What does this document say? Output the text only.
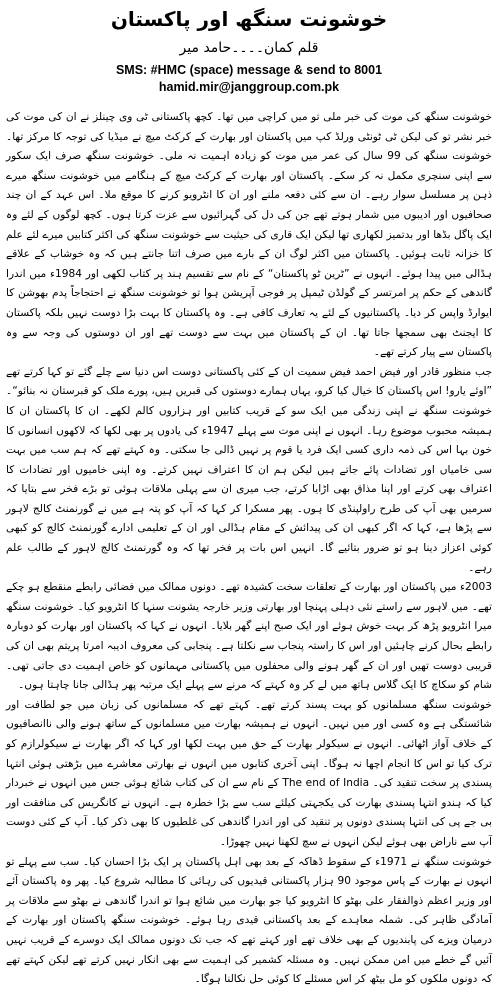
خوشونت سنگھ اور پاکستان
قلم کمان۔۔۔۔حامد میر
SMS: #HMC (space) message & send to 8001
hamid.mir@janggroup.com.pk

خوشونت سنگھ کی موت کی خبر ملی تو میں کراچی میں تھا۔ کچھ پاکستانی ٹی وی چینلز نے ان کی موت کی خبر نشر تو کی لیکن ٹی ٹونٹی ورلڈ کپ میں پاکستان اور بھارت کے کرکٹ میچ نے میڈیا کی توجہ کا مرکز تھا۔ خوشونت سنگھ کی 99 سال کی عمر میں موت کو زیادہ اہمیت نہ ملی۔ خوشونت سنگھ صرف ایک سکور سے اپنی سنچری مکمل نہ کر سکے۔ پاکستان اور بھارت کے کرکٹ میچ کے ہنگامے میں خوشونت سنگھ میرے ذہن پر مسلسل سوار رہے۔ ان سے کئی دفعہ ملنے اور ان کا انٹرویو کرنے کا موقع ملا۔ اس عہد کے ان چند صحافیوں اور ادیبوں میں شمار ہوتے تھے جن کی دل کی گہرائیوں سے عزت کرتا ہوں۔ کچھ لوگوں کے لئے وہ ایک پاگل بڈھا اور بدتمیز لکھاری تھا لیکن ایک قاری کی حیثیت سے خوشونت سنگھ کی اکثر کتابیں میرے لئے علم کا خزانہ ثابت ہوئیں۔ پاکستان میں اکثر لوگ ان کے بارے میں صرف اتنا جانتے ہیں کہ وہ خوشاب کے علاقے ہڈالی میں پیدا ہوئے۔ انہوں نے ”ٹرین ٹو پاکستان“ کے نام سے تقسیم ہند پر کتاب لکھی اور 1984ء میں اندرا گاندھی کے حکم پر امرتسر کے گولڈن ٹیمپل پر فوجی آپریشن ہوا تو خوشونت سنگھ نے احتجاجاً پدم بھوشن کا ایوارڈ واپس کر دیا۔ پاکستانیوں کے لئے یہ تعارف کافی ہے۔ وہ پاکستان کا بہت بڑا دوست نہیں بلکہ پاکستان کا ایجنٹ بھی سمجھا جاتا تھا۔ ان کے پاکستان میں بہت سے دوست تھے اور ان دوستوں کی وجہ سے وہ پاکستان سے پیار کرتے تھے۔

جب منظور قادر اور فیض احمد فیض سمیت ان کے کئی پاکستانی دوست اس دنیا سے چلے گئے تو کہا کرتے تھے ”اوئے یارو! اس پاکستان کا خیال کیا کرو، یہاں ہمارے دوستوں کی قبریں ہیں، پورے ملک کو قبرستان نہ بنائو“۔ خوشونت سنگھ نے اپنی زندگی میں ایک سو کے قریب کتابیں اور ہزاروں کالم لکھے۔ ان کا پاکستان ان کا ہمیشہ محبوب موضوع رہا۔ انہوں نے اپنی موت سے پہلے 1947ء کی یادوں پر بھی لکھا کہ لاکھوں انسانوں کا خون بہا اس کی ذمہ داری کسی ایک فرد یا قوم پر نہیں ڈالی جا سکتی۔ وہ کہتے تھے کہ ہم سب میں بہت سی خامیاں اور تضادات پائے جاتے ہیں لیکن ہم ان کا اعتراف نہیں کرتے۔ وہ اپنی خامیوں اور تضادات کا اعتراف بھی کرتے اور اپنا مذاق بھی اڑایا کرتے، جب میری ان سے پہلی ملاقات ہوئی تو بڑے فخر سے بتایا کہ سرمیں بھی آپ کی طرح راولپنڈی کا ہوں۔ پھر مسکرا کر کہا کہ آپ کو پتہ ہے میں نے گورنمنٹ کالج لاہور سے پڑھا ہے، کہا کہ اگر کبھی ان کی پیدائش کے مقام ہڈالی اور ان کے تعلیمی ادارے گورنمنٹ کالج کو کبھی کوئی اعزاز دینا ہو تو ضرور بتائیے گا۔ انہیں اس بات پر فخر تھا کہ وہ گورنمنٹ کالج لاہور کے طالب علم رہے۔

2003ء میں پاکستان اور بھارت کے تعلقات سخت کشیدہ تھے۔ دونوں ممالک میں فضائی رابطے منقطع ہو چکے تھے۔ میں لاہور سے راستے نئی دہلی پہنچا اور بھارتی وزیر خارجہ یشونت سنہا کا انٹرویو کیا۔ خوشونت سنگھ میرا انٹرویو پڑھ کر بہت خوش ہوئے اور ایک صبح اپنے گھر بلایا۔ انہوں نے کہا کہ پاکستان اور بھارت کو دوبارہ رابطے بحال کرنے چاہئیں اور اس کا راستہ پنجاب سے نکلتا ہے۔ پنجابی کی معروف ادیبہ امرتا پریتم بھی ان کی قریبی دوست تھیں اور ان کے گھر ہونے والی محفلوں میں پاکستانی مہمانوں کو خاص اہمیت دی جاتی تھی۔ شام کو سکاچ کا ایک گلاس ہاتھ میں لے کر وہ کہتے کہ مرنے سے پہلے ایک مرتبہ پھر ہڈالی جانا چاہتا ہوں۔

خوشونت سنگھ مسلمانوں کو بہت پسند کرتے تھے۔ کہتے تھے کہ مسلمانوں کی زبان میں جو لطافت اور شائستگی ہے وہ کسی اور میں نہیں۔ انہوں نے ہمیشہ بھارت میں مسلمانوں کے ساتھ ہونے والی ناانصافیوں کے خلاف آواز اٹھائی۔ انہوں نے سیکولر بھارت کے حق میں بہت لکھا اور کہا کہ اگر بھارت نے سیکولرازم کو ترک کیا تو اس کا انجام اچھا نہ ہوگا۔ اپنی آخری کتابوں میں انہوں نے بھارتی معاشرے میں بڑھتی ہوئی انتہا پسندی پر سخت تنقید کی۔ The end of India کے نام سے ان کی کتاب شائع ہوئی جس میں انہوں نے خبردار کیا کہ ہندو انتہا پسندی بھارت کی یکجہتی کیلئے سب سے بڑا خطرہ ہے۔ انہوں نے کانگریس کی منافقت اور بی جے پی کی انتہا پسندی دونوں پر تنقید کی اور اندرا گاندھی کی غلطیوں کا بھی ذکر کیا۔ آپ کے کئی دوست آپ سے ناراض بھی ہوئے لیکن انہوں نے سچ لکھنا نہیں چھوڑا۔

خوشونت سنگھ نے 1971ء کے سقوط ڈھاکہ کے بعد بھی اہل پاکستان پر ایک بڑا احسان کیا۔ سب سے پہلے تو انہوں نے بھارت کے پاس موجود 90 ہزار پاکستانی قیدیوں کی رہائی کا مطالبہ شروع کیا۔ پھر وہ پاکستان آئے اور وزیر اعظم ذوالفقار علی بھٹو کا انٹرویو کیا جو بھارت میں شائع ہوا تو اندرا گاندھی نے بھٹو سے ملاقات پر آمادگی ظاہر کی۔ شملہ معاہدے کے بعد پاکستانی قیدی رہا ہوئے۔ خوشونت سنگھ پاکستان اور بھارت کے درمیان ویزے کی پابندیوں کے بھی خلاف تھے اور کہتے تھے کہ جب تک دونوں ممالک ایک دوسرے کے قریب نہیں آئیں گے خطے میں امن ممکن نہیں۔ وہ مسئلہ کشمیر کی اہمیت سے بھی انکار نہیں کرتے تھے لیکن کہتے تھے کہ دونوں ملکوں کو مل بیٹھ کر اس مسئلے کا کوئی حل نکالنا ہوگا۔
